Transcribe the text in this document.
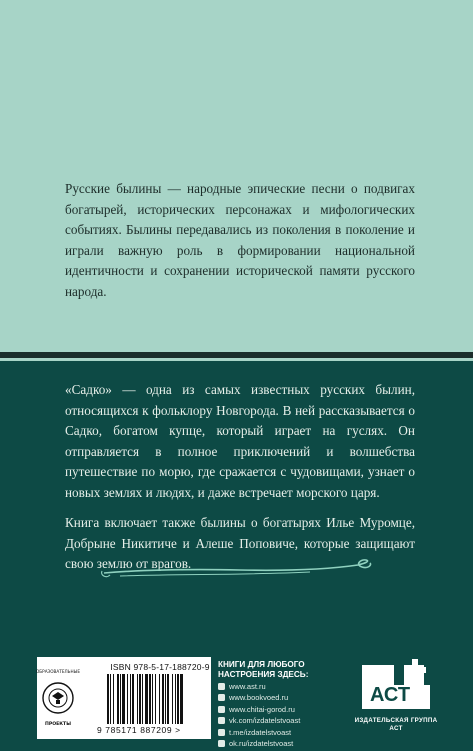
Русские былины — народные эпические песни о подвигах богатырей, исторических персонажах и мифологических событиях. Былины передавались из поколения в поколение и играли важную роль в формировании национальной идентичности и сохранении исторической памяти русского народа.

«Садко» — одна из самых известных русских былин, относящихся к фольклору Новгорода. В ней рассказывается о Садко, богатом купце, который играет на гуслях. Он отправляется в полное приключений и волшебства путешествие по морю, где сражается с чудовищами, узнает о новых землях и людях, и даже встречает морского царя.

Книга включает также былины о богатырях Илье Муромце, Добрыне Никитиче и Алеше Поповиче, которые защищают свою землю от врагов.

ОБРАЗОВАТЕЛЬНЫЕ
ПРОЕКТЫ
ISBN 978-5-17-188720-9
9 785171 887209 >
КНИГИ ДЛЯ ЛЮБОГО НАСТРОЕНИЯ ЗДЕСЬ:
www.ast.ru
www.bookvoed.ru
www.chitai-gorod.ru
vk.com/izdatelstvoast
t.me/izdatelstvoast
ok.ru/izdatelstvoast
АСТ
ИЗДАТЕЛЬСКАЯ ГРУППА АСТ
